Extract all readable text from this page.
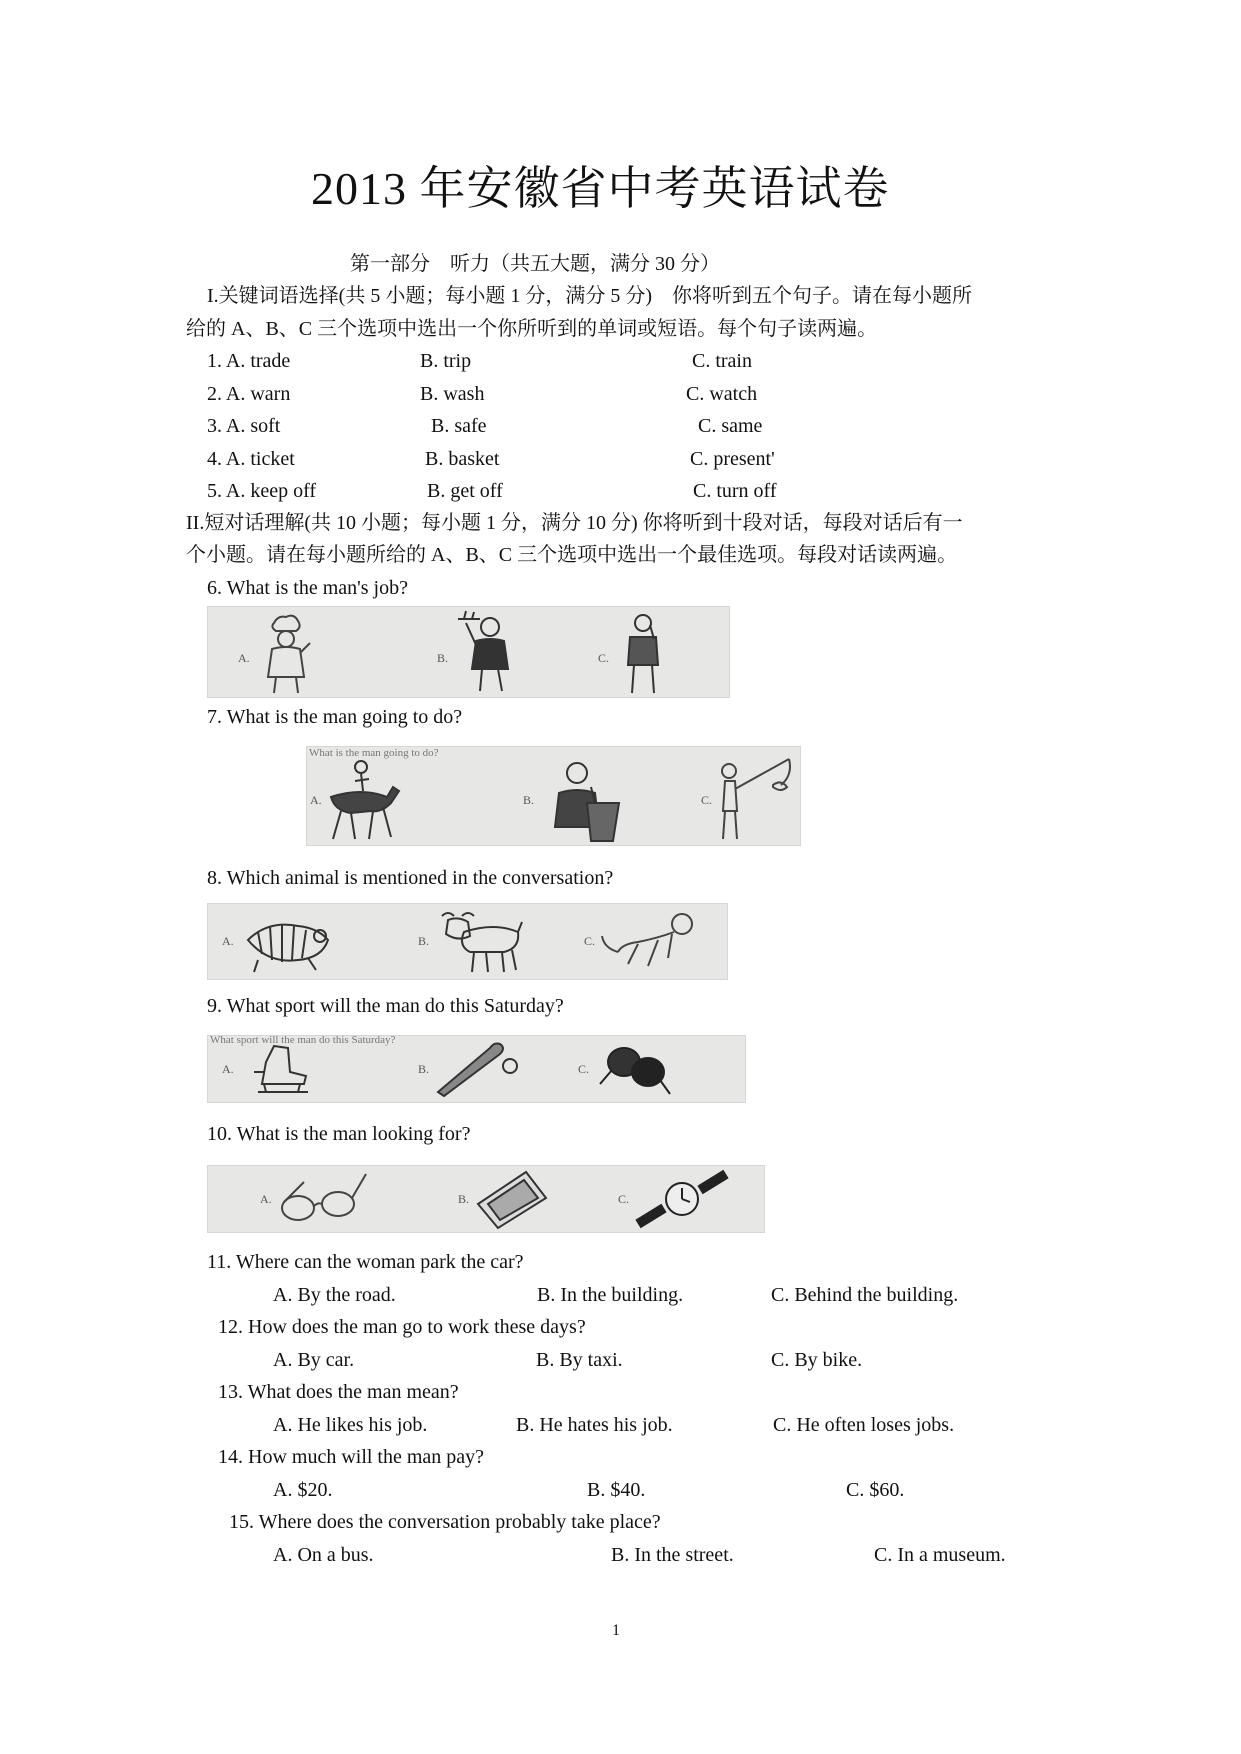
2013 年安徽省中考英语试卷
第一部分　听力（共五大题，满分 30 分）
I.关键词语选择(共 5 小题；每小题 1 分，满分 5 分)　你将听到五个句子。请在每小题所
给的 A、B、C 三个选项中选出一个你所听到的单词或短语。每个句子读两遍。
1. A. trade	B. trip	C. train
2. A. warn	B. wash	C. watch
3. A. soft	B. safe	C. same
4. A. ticket	B. basket	C. present'
5. A. keep off	B. get off	C. turn off
II.短对话理解(共 10 小题；每小题 1 分，满分 10 分) 你将听到十段对话，每段对话后有一
个小题。请在每小题所给的 A、B、C 三个选项中选出一个最佳选项。每段对话读两遍。
6. What is the man's job?
A.	B.	C.
7. What is the man going to do?
What is the man going to do?
A.	B.	C.
8. Which animal is mentioned in the conversation?
A.	B.	C.
9. What sport will the man do this Saturday?
What sport will the man do this Saturday?
A.	B.	C.
10. What is the man looking for?
A.	B.	C.
11. Where can the woman park the car?
A. By the road.	B. In the building.	C. Behind the building.
12. How does the man go to work these days?
A. By car.	B. By taxi.	C. By bike.
13. What does the man mean?
A. He likes his job.	B. He hates his job.	C. He often loses jobs.
14. How much will the man pay?
A. $20.	B. $40.	C. $60.
15. Where does the conversation probably take place?
A. On a bus.	B. In the street.	C. In a museum.
1
